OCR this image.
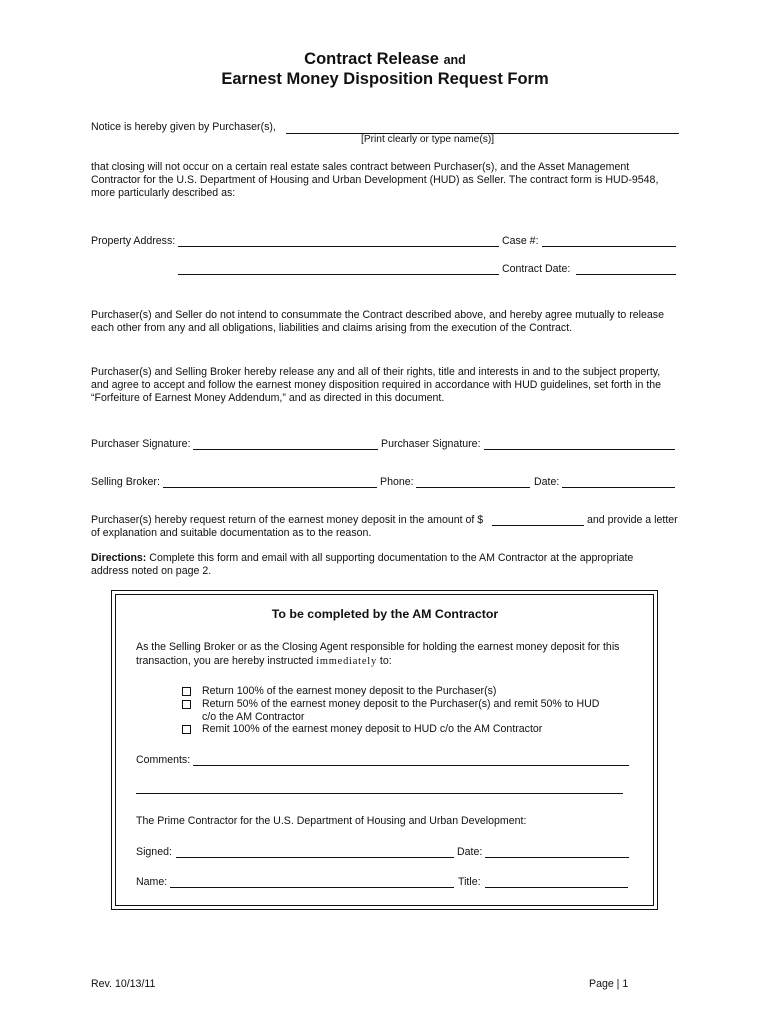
Contract Release and
Earnest Money Disposition Request Form
Notice is hereby given by Purchaser(s),
[Print clearly or type name(s)]
that closing will not occur on a certain real estate sales contract between Purchaser(s), and the Asset Management
Contractor for the U.S. Department of Housing and Urban Development (HUD) as Seller. The contract form is HUD-9548,
more particularly described as:
Property Address:	Case #:
Contract Date:
Purchaser(s) and Seller do not intend to consummate the Contract described above, and hereby agree mutually to release
each other from any and all obligations, liabilities and claims arising from the execution of the Contract.
Purchaser(s) and Selling Broker hereby release any and all of their rights, title and interests in and to the subject property,
and agree to accept and follow the earnest money disposition required in accordance with HUD guidelines, set forth in the
“Forfeiture of Earnest Money Addendum,” and as directed in this document.
Purchaser Signature:	Purchaser Signature:
Selling Broker:	Phone:	Date:
Purchaser(s) hereby request return of the earnest money deposit in the amount of $	and provide a letter
of explanation and suitable documentation as to the reason.
Directions: Complete this form and email with all supporting documentation to the AM Contractor at the appropriate
address noted on page 2.
To be completed by the AM Contractor
As the Selling Broker or as the Closing Agent responsible for holding the earnest money deposit for this
transaction, you are hereby instructed immediately to:
Return 100% of the earnest money deposit to the Purchaser(s)
Return 50% of the earnest money deposit to the Purchaser(s) and remit 50% to HUD
c/o the AM Contractor
Remit 100% of the earnest money deposit to HUD c/o the AM Contractor
Comments:
The Prime Contractor for the U.S. Department of Housing and Urban Development:
Signed:	Date:
Name:	Title:
Rev. 10/13/11	Page | 1
